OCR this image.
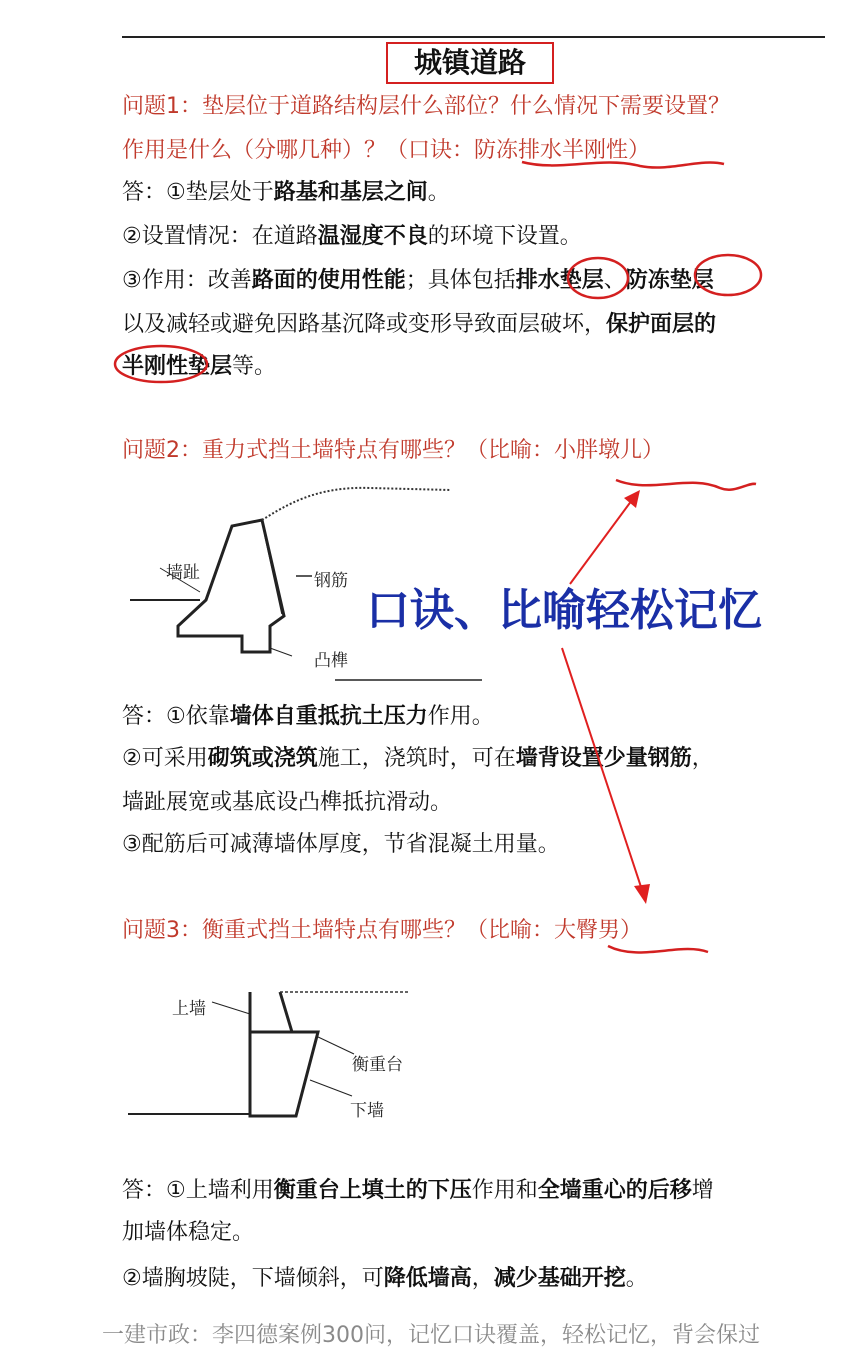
城镇道路
问题1：垫层位于道路结构层什么部位？什么情况下需要设置？
作用是什么（分哪几种）？（口诀：防冻排水半刚性）
答：①垫层处于路基和基层之间。
②设置情况：在道路温湿度不良的环境下设置。
③作用：改善路面的使用性能；具体包括排水垫层、防冻垫层
以及减轻或避免因路基沉降或变形导致面层破坏，保护面层的
半刚性垫层等。
问题2：重力式挡土墙特点有哪些？（比喻：小胖墩儿）
墙趾	钢筋
凸榫
口诀、比喻轻松记忆
答：①依靠墙体自重抵抗土压力作用。
②可采用砌筑或浇筑施工，浇筑时，可在墙背设置少量钢筋，
墙趾展宽或基底设凸榫抵抗滑动。
③配筋后可减薄墙体厚度，节省混凝土用量。
问题3：衡重式挡土墙特点有哪些？（比喻：大臀男）
上墙
衡重台
下墙
答：①上墙利用衡重台上填土的下压作用和全墙重心的后移增
加墙体稳定。
②墙胸坡陡，下墙倾斜，可降低墙高，减少基础开挖。
一建市政：李四德案例300问，记忆口诀覆盖，轻松记忆，背会保过
